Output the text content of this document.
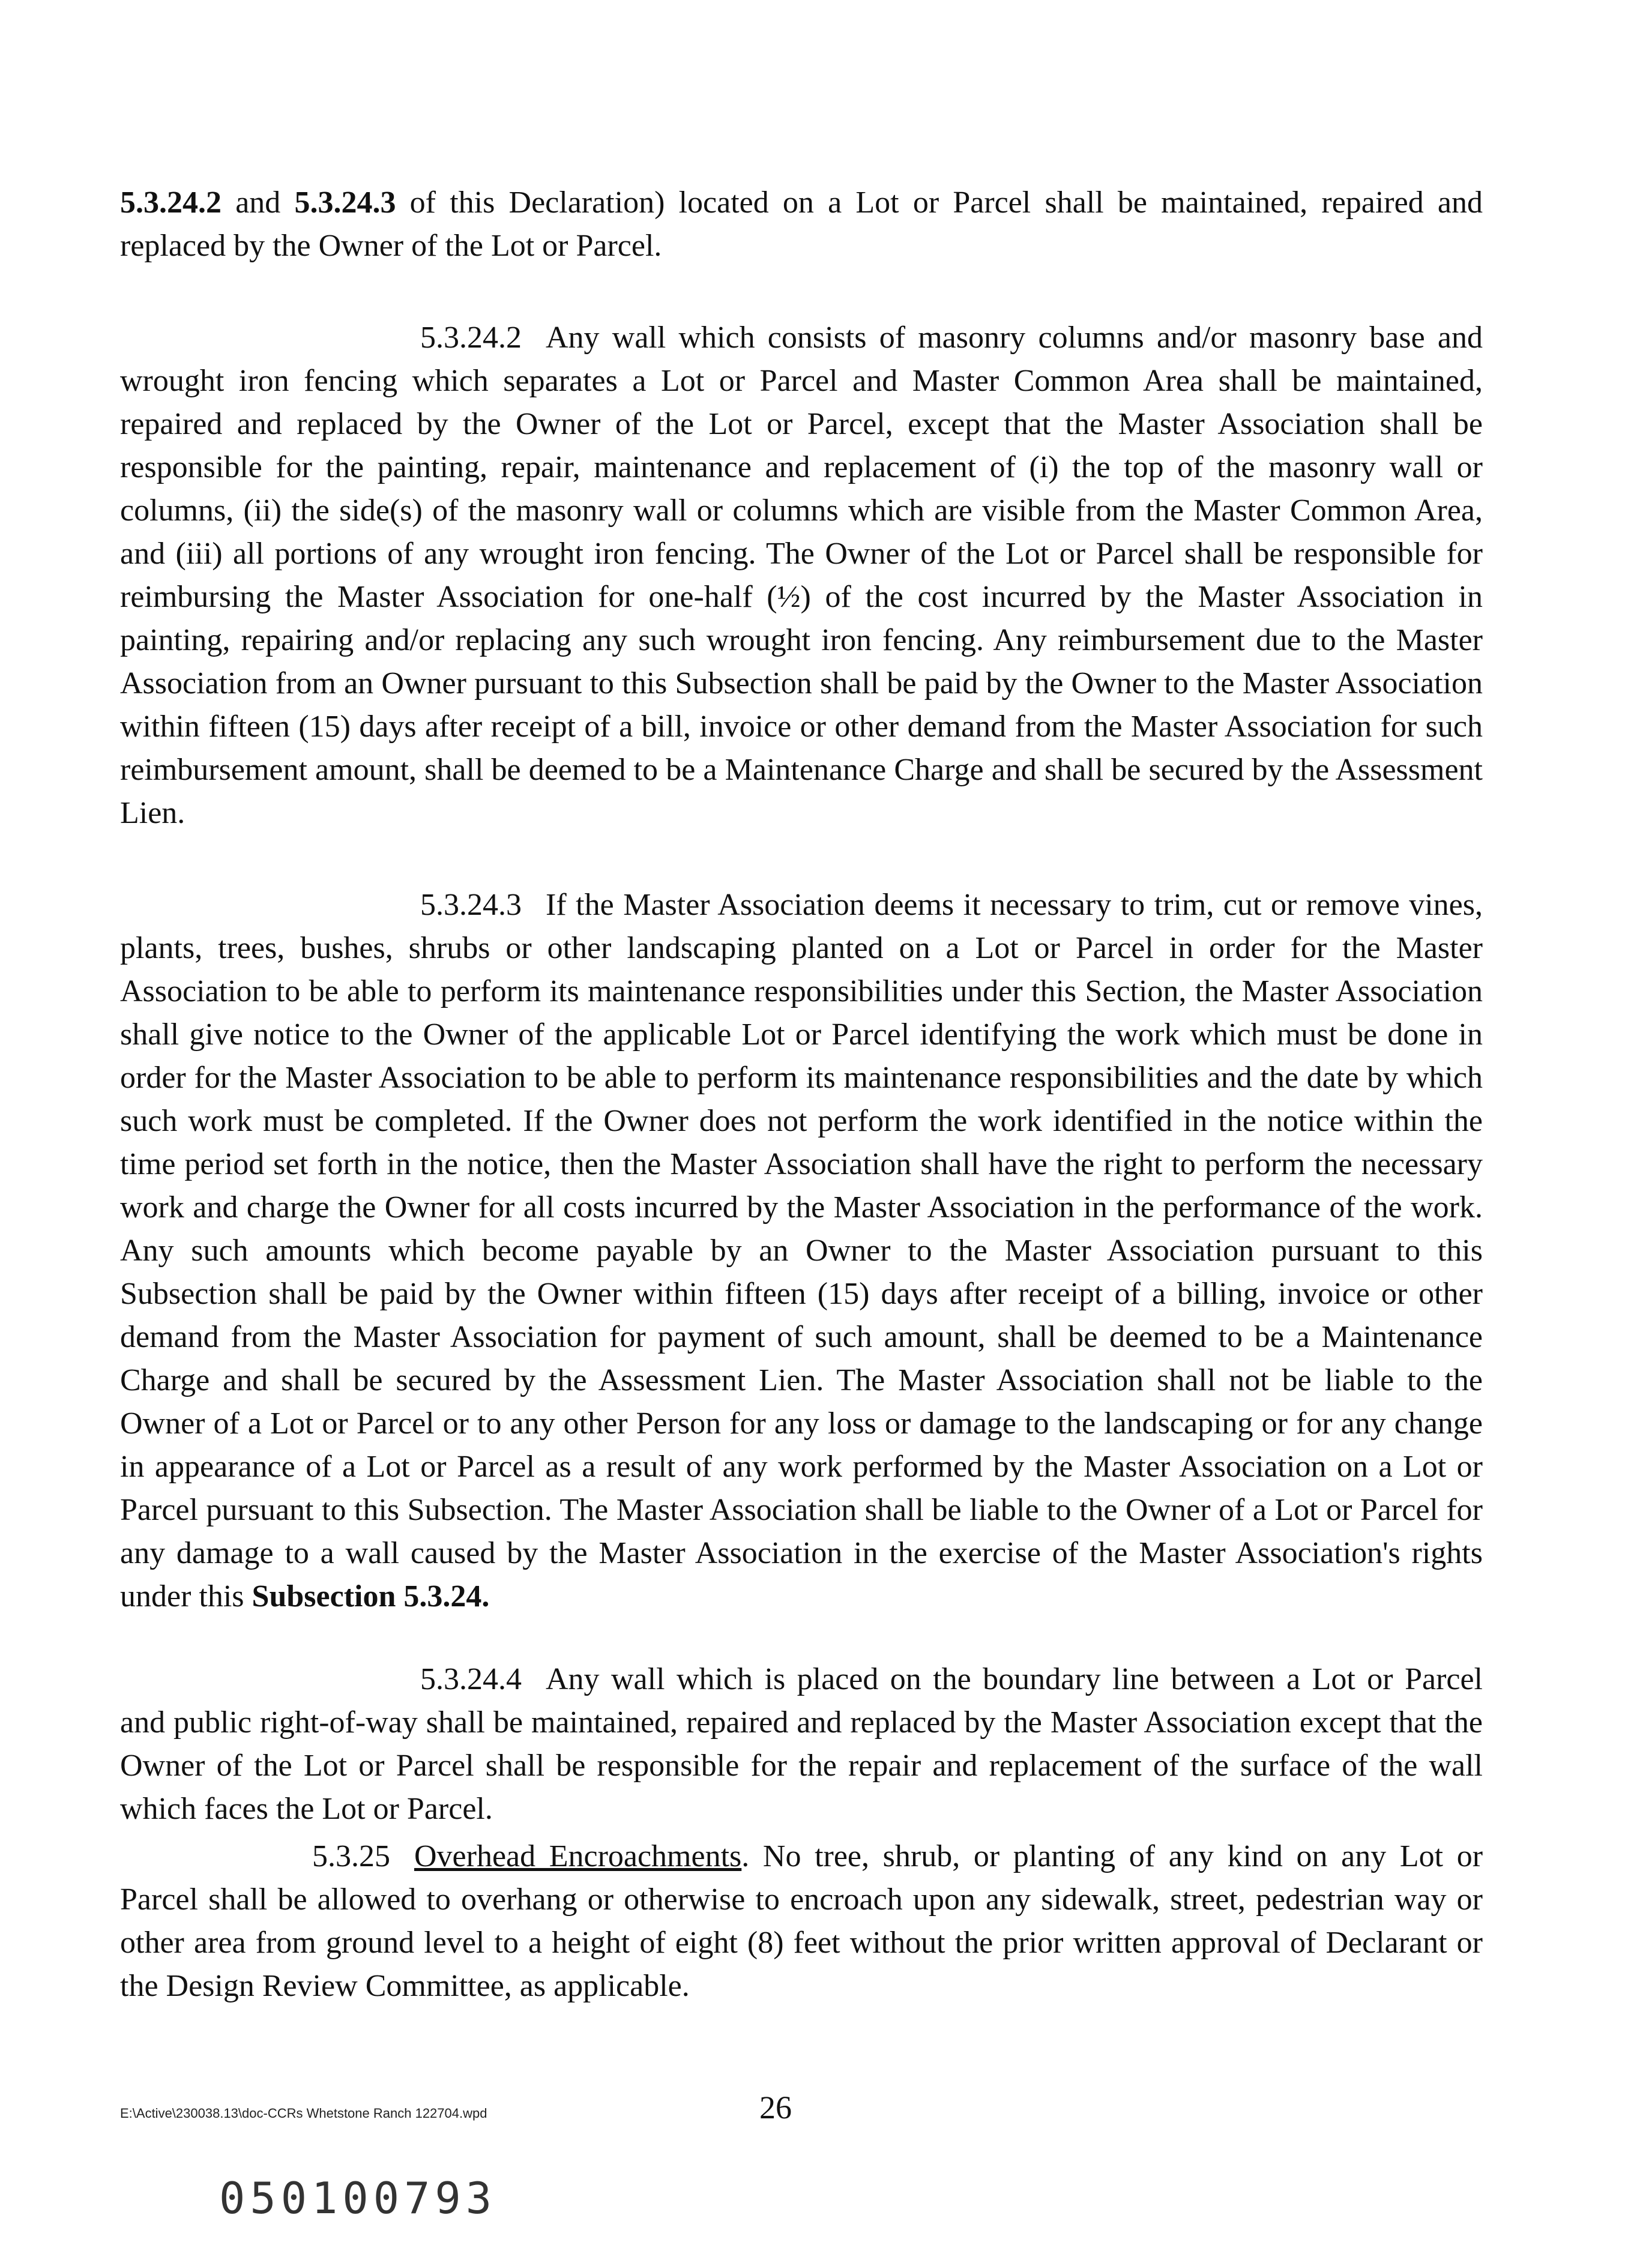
5.3.24.2 and 5.3.24.3 of this Declaration) located on a Lot or Parcel shall be maintained, repaired and replaced by the Owner of the Lot or Parcel.

5.3.24.2 Any wall which consists of masonry columns and/or masonry base and wrought iron fencing which separates a Lot or Parcel and Master Common Area shall be maintained, repaired and replaced by the Owner of the Lot or Parcel, except that the Master Association shall be responsible for the painting, repair, maintenance and replacement of (i) the top of the masonry wall or columns, (ii) the side(s) of the masonry wall or columns which are visible from the Master Common Area, and (iii) all portions of any wrought iron fencing. The Owner of the Lot or Parcel shall be responsible for reimbursing the Master Association for one-half (½) of the cost incurred by the Master Association in painting, repairing and/or replacing any such wrought iron fencing. Any reimbursement due to the Master Association from an Owner pursuant to this Subsection shall be paid by the Owner to the Master Association within fifteen (15) days after receipt of a bill, invoice or other demand from the Master Association for such reimbursement amount, shall be deemed to be a Maintenance Charge and shall be secured by the Assessment Lien.

5.3.24.3 If the Master Association deems it necessary to trim, cut or remove vines, plants, trees, bushes, shrubs or other landscaping planted on a Lot or Parcel in order for the Master Association to be able to perform its maintenance responsibilities under this Section, the Master Association shall give notice to the Owner of the applicable Lot or Parcel identifying the work which must be done in order for the Master Association to be able to perform its maintenance responsibilities and the date by which such work must be completed. If the Owner does not perform the work identified in the notice within the time period set forth in the notice, then the Master Association shall have the right to perform the necessary work and charge the Owner for all costs incurred by the Master Association in the performance of the work. Any such amounts which become payable by an Owner to the Master Association pursuant to this Subsection shall be paid by the Owner within fifteen (15) days after receipt of a billing, invoice or other demand from the Master Association for payment of such amount, shall be deemed to be a Maintenance Charge and shall be secured by the Assessment Lien. The Master Association shall not be liable to the Owner of a Lot or Parcel or to any other Person for any loss or damage to the landscaping or for any change in appearance of a Lot or Parcel as a result of any work performed by the Master Association on a Lot or Parcel pursuant to this Subsection. The Master Association shall be liable to the Owner of a Lot or Parcel for any damage to a wall caused by the Master Association in the exercise of the Master Association's rights under this Subsection 5.3.24.

5.3.24.4 Any wall which is placed on the boundary line between a Lot or Parcel and public right-of-way shall be maintained, repaired and replaced by the Master Association except that the Owner of the Lot or Parcel shall be responsible for the repair and replacement of the surface of the wall which faces the Lot or Parcel.

5.3.25 Overhead Encroachments. No tree, shrub, or planting of any kind on any Lot or Parcel shall be allowed to overhang or otherwise to encroach upon any sidewalk, street, pedestrian way or other area from ground level to a height of eight (8) feet without the prior written approval of Declarant or the Design Review Committee, as applicable.

E:\Active\230038.13\doc-CCRs Whetstone Ranch 122704.wpd	26
050100793
